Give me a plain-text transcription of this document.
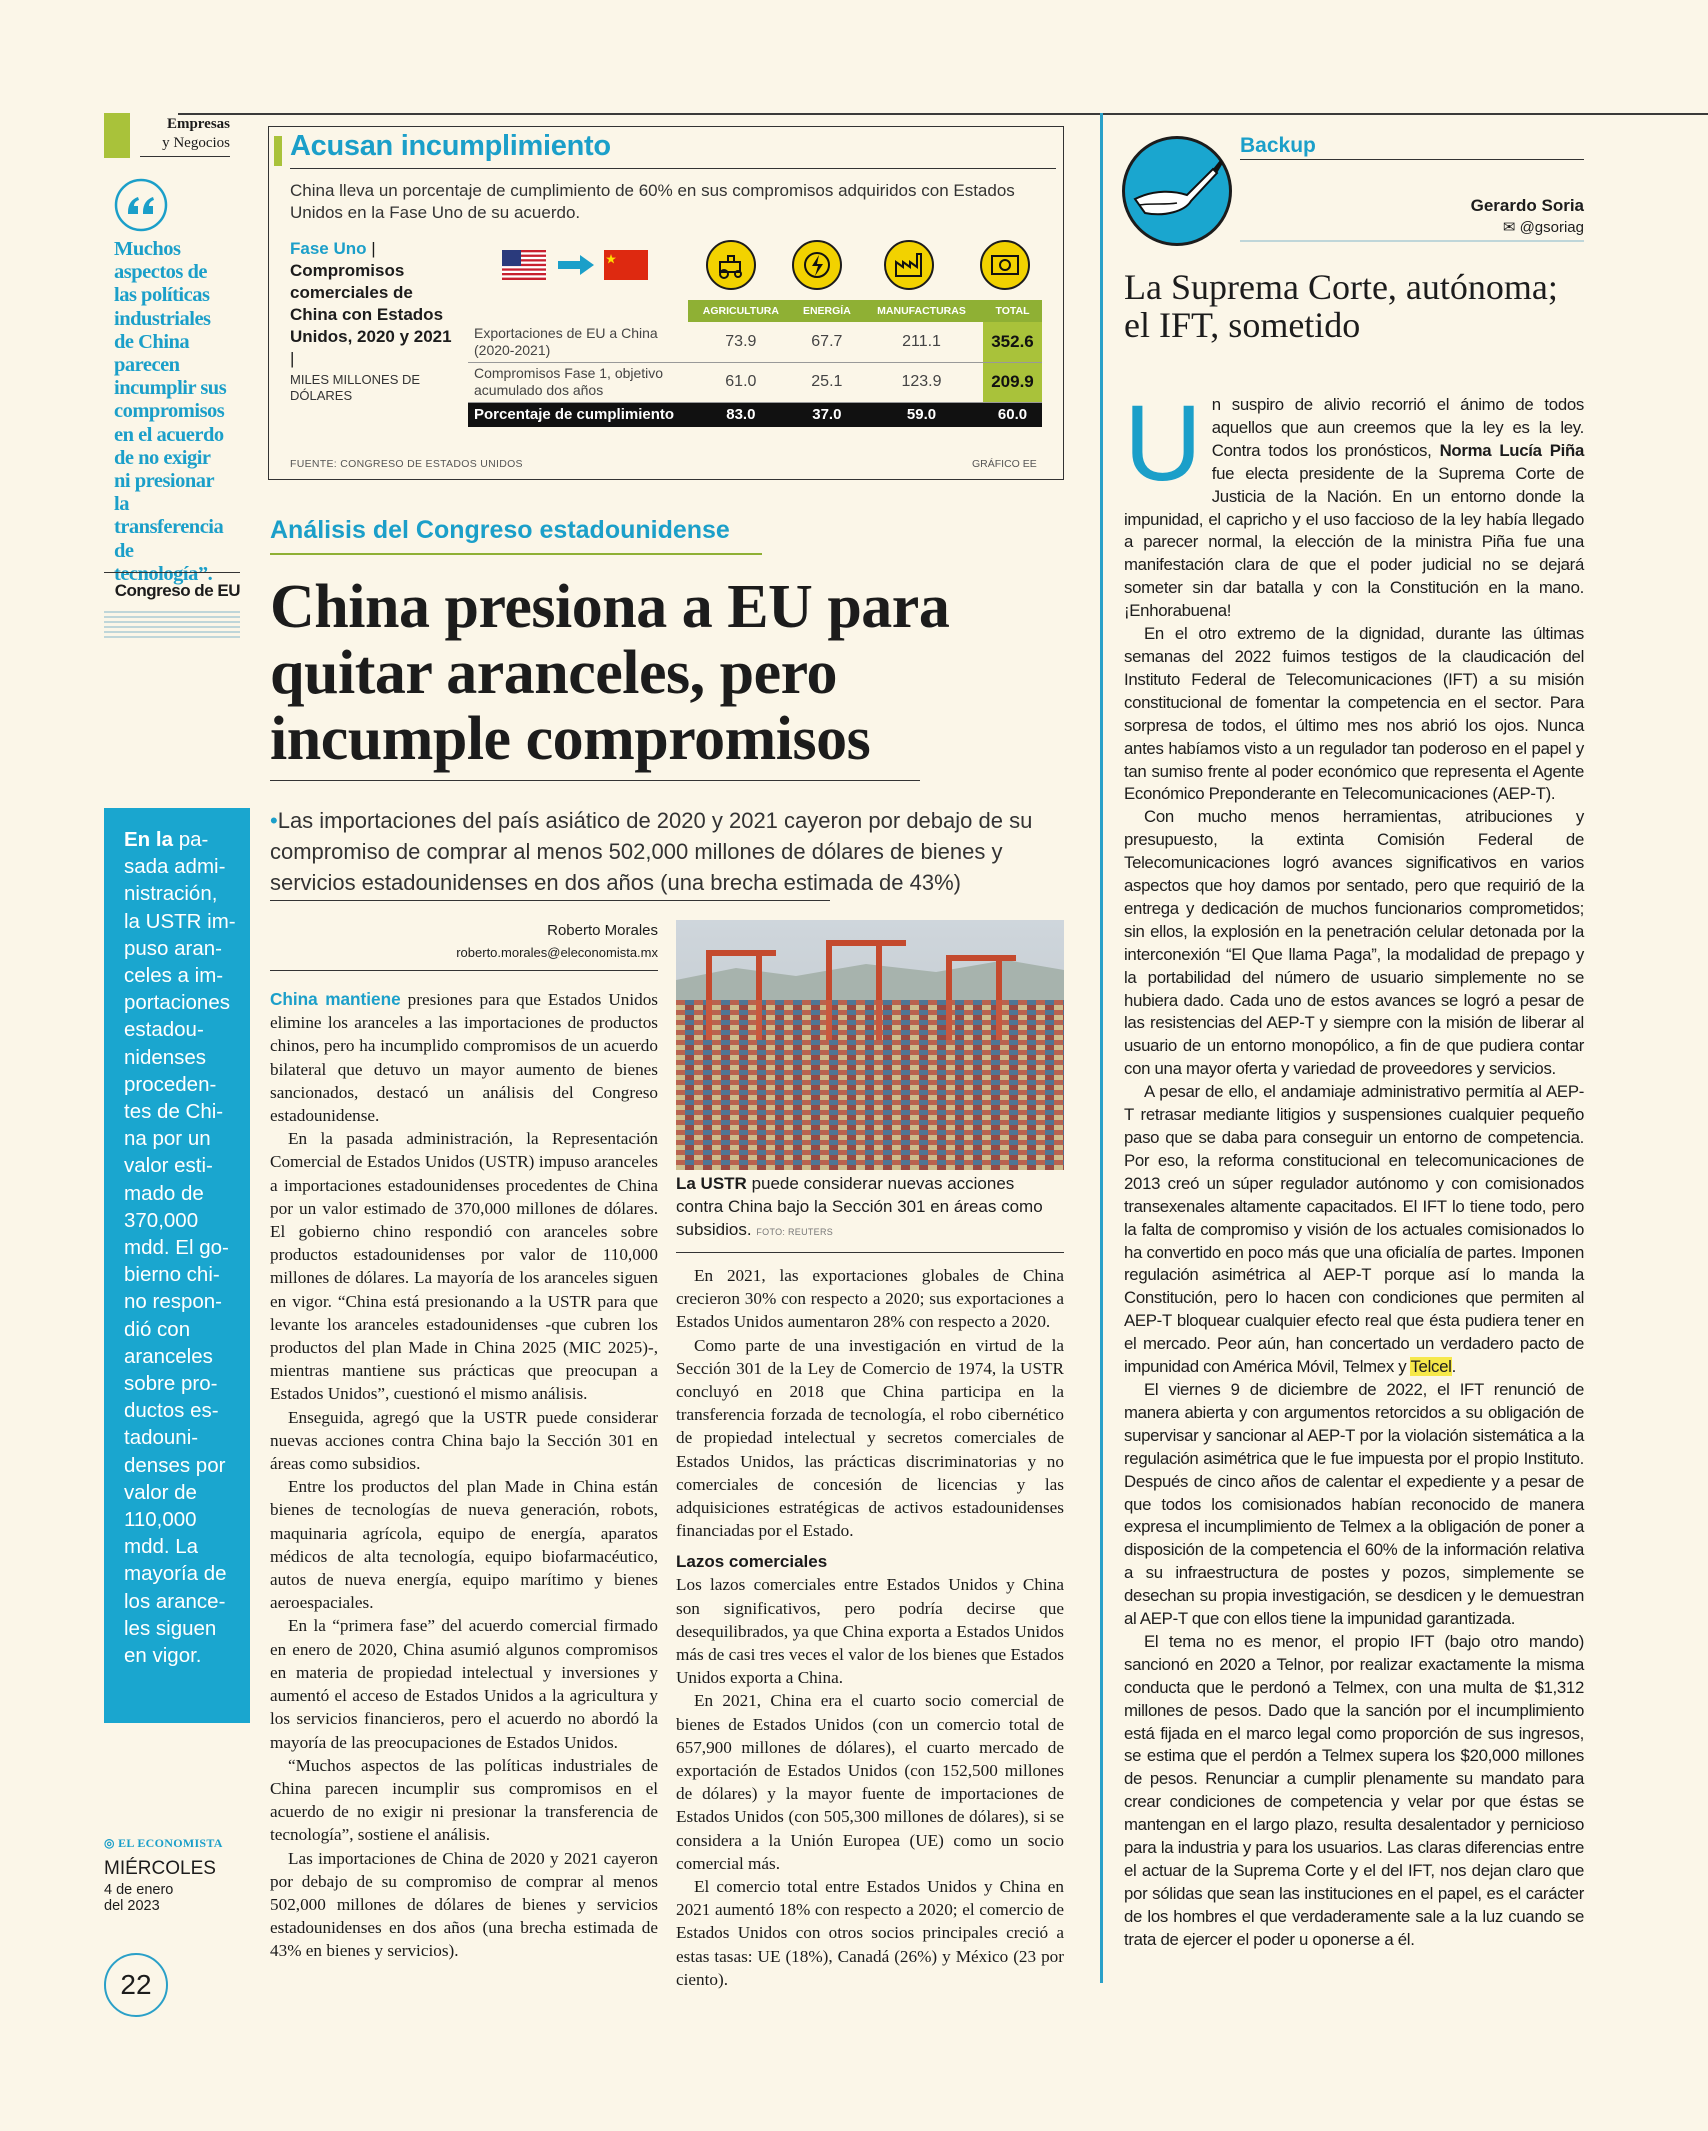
Empresas
y Negocios
Muchos aspectos de las políticas industriales de China parecen incumplir sus compromisos en el acuerdo de no exigir ni presionar la transferencia de tecnología”.
Congreso de EU
En la pa-
sada admi-
nistración,
la USTR im-
puso aran-
celes a im-
portaciones
estadou-
nidenses
proceden-
tes de Chi-
na por un
valor esti-
mado de
370,000
mdd. El go-
bierno chi-
no respon-
dió con
aranceles
sobre pro-
ductos es-
tadouni-
denses por
valor de
110,000
mdd. La
mayoría de
los arance-
les siguen
en vigor.
◎ EL ECONOMISTA
MIÉRCOLES
4 de enero
del 2023
22
Acusan incumplimiento
China lleva un porcentaje de cumplimiento de 60% en sus compromisos adquiridos con Estados Unidos en la Fase Uno de su acuerdo.
Fase Uno | Compromisos comerciales de China con Estados Unidos, 2020 y 2021 |
MILES MILLONES DE DÓLARES
	AGRICULTURA	ENERGÍA	MANUFACTURAS	TOTAL
Exportaciones de EU a China (2020-2021)	73.9	67.7	211.1	352.6
Compromisos Fase 1, objetivo acumulado dos años	61.0	25.1	123.9	209.9
Porcentaje de cumplimiento	83.0	37.0	59.0	60.0
FUENTE: CONGRESO DE ESTADOS UNIDOS	GRÁFICO EE
Análisis del Congreso estadounidense
China presiona a EU para quitar aranceles, pero incumple compromisos
•Las importaciones del país asiático de 2020 y 2021 cayeron por debajo de su compromiso de comprar al menos 502,000 millones de dólares de bienes y servicios estadounidenses en dos años (una brecha estimada de 43%)
Roberto Morales
roberto.morales@eleconomista.mx

China mantiene presiones para que Estados Unidos elimine los aranceles a las importaciones de productos chinos, pero ha incumplido compromisos de un acuerdo bilateral que detuvo un mayor aumento de bienes sancionados, destacó un análisis del Congreso estadounidense.

En la pasada administración, la Representación Comercial de Estados Unidos (USTR) impuso aranceles a importaciones estadounidenses procedentes de China por un valor estimado de 370,000 millones de dólares. El gobierno chino respondió con aranceles sobre productos estadounidenses por valor de 110,000 millones de dólares. La mayoría de los aranceles siguen en vigor. “China está presionando a la USTR para que levante los aranceles estadounidenses -que cubren los productos del plan Made in China 2025 (MIC 2025)-, mientras mantiene sus prácticas que preocupan a Estados Unidos”, cuestionó el mismo análisis.

Enseguida, agregó que la USTR puede considerar nuevas acciones contra China bajo la Sección 301 en áreas como subsidios.

Entre los productos del plan Made in China están bienes de tecnologías de nueva generación, robots, maquinaria agrícola, equipo de energía, aparatos médicos de alta tecnología, equipo biofarmacéutico, autos de nueva energía, equipo marítimo y bienes aeroespaciales.

En la “primera fase” del acuerdo comercial firmado en enero de 2020, China asumió algunos compromisos en materia de propiedad intelectual y inversiones y aumentó el acceso de Estados Unidos a la agricultura y los servicios financieros, pero el acuerdo no abordó la mayoría de las preocupaciones de Estados Unidos.

“Muchos aspectos de las políticas industriales de China parecen incumplir sus compromisos en el acuerdo de no exigir ni presionar la transferencia de tecnología”, sostiene el análisis.

Las importaciones de China de 2020 y 2021 cayeron por debajo de su compromiso de comprar al menos 502,000 millones de dólares de bienes y servicios estadounidenses en dos años (una brecha estimada de 43% en bienes y servicios).

La USTR puede considerar nuevas acciones contra China bajo la Sección 301 en áreas como subsidios. FOTO: REUTERS

En 2021, las exportaciones globales de China crecieron 30% con respecto a 2020; sus exportaciones a Estados Unidos aumentaron 28% con respecto a 2020.

Como parte de una investigación en virtud de la Sección 301 de la Ley de Comercio de 1974, la USTR concluyó en 2018 que China participa en la transferencia forzada de tecnología, el robo cibernético de propiedad intelectual y secretos comerciales de Estados Unidos, las prácticas discriminatorias y no comerciales de concesión de licencias y las adquisiciones estratégicas de activos estadounidenses financiadas por el Estado.

Lazos comerciales

Los lazos comerciales entre Estados Unidos y China son significativos, pero podría decirse que desequilibrados, ya que China exporta a Estados Unidos más de casi tres veces el valor de los bienes que Estados Unidos exporta a China.

En 2021, China era el cuarto socio comercial de bienes de Estados Unidos (con un comercio total de 657,900 millones de dólares), el cuarto mercado de exportación de Estados Unidos (con 152,500 millones de dólares) y la mayor fuente de importaciones de Estados Unidos (con 505,300 millones de dólares), si se considera a la Unión Europea (UE) como un socio comercial más.

El comercio total entre Estados Unidos y China en 2021 aumentó 18% con respecto a 2020; el comercio de Estados Unidos con otros socios principales creció a estas tasas: UE (18%), Canadá (26%) y México (23 por ciento).

Backup
Gerardo Soria
✉ @gsoriag
La Suprema Corte, autónoma; el IFT, sometido

Un suspiro de alivio recorrió el ánimo de todos aquellos que aun creemos que la ley es la ley. Contra todos los pronósticos, Norma Lucía Piña fue electa presidente de la Suprema Corte de Justicia de la Nación. En un entorno donde la impunidad, el capricho y el uso faccioso de la ley había llegado a parecer normal, la elección de la ministra Piña fue una manifestación clara de que el poder judicial no se dejará someter sin dar batalla y con la Constitución en la mano. ¡Enhorabuena!

En el otro extremo de la dignidad, durante las últimas semanas del 2022 fuimos testigos de la claudicación del Instituto Federal de Telecomunicaciones (IFT) a su misión constitucional de fomentar la competencia en el sector. Para sorpresa de todos, el último mes nos abrió los ojos. Nunca antes habíamos visto a un regulador tan poderoso en el papel y tan sumiso frente al poder económico que representa el Agente Económico Preponderante en Telecomunicaciones (AEP-T).

Con mucho menos herramientas, atribuciones y presupuesto, la extinta Comisión Federal de Telecomunicaciones logró avances significativos en varios aspectos que hoy damos por sentado, pero que requirió de la entrega y dedicación de muchos funcionarios comprometidos; sin ellos, la explosión en la penetración celular detonada por la interconexión “El Que llama Paga”, la modalidad de prepago y la portabilidad del número de usuario simplemente no se hubiera dado. Cada uno de estos avances se logró a pesar de las resistencias del AEP-T y siempre con la misión de liberar al usuario de un entorno monopólico, a fin de que pudiera contar con una mayor oferta y variedad de proveedores y servicios.

A pesar de ello, el andamiaje administrativo permitía al AEP-T retrasar mediante litigios y suspensiones cualquier pequeño paso que se daba para conseguir un entorno de competencia. Por eso, la reforma constitucional en telecomunicaciones de 2013 creó un súper regulador autónomo y con comisionados transexenales altamente capacitados. El IFT lo tiene todo, pero la falta de compromiso y visión de los actuales comisionados lo ha convertido en poco más que una oficialía de partes. Imponen regulación asimétrica al AEP-T porque así lo manda la Constitución, pero lo hacen con condiciones que permiten al AEP-T bloquear cualquier efecto real que ésta pudiera tener en el mercado. Peor aún, han concertado un verdadero pacto de impunidad con América Móvil, Telmex y Telcel.

El viernes 9 de diciembre de 2022, el IFT renunció de manera abierta y con argumentos retorcidos a su obligación de supervisar y sancionar al AEP-T por la violación sistemática a la regulación asimétrica que le fue impuesta por el propio Instituto. Después de cinco años de calentar el expediente y a pesar de que todos los comisionados habían reconocido de manera expresa el incumplimiento de Telmex a la obligación de poner a disposición de la competencia el 60% de la información relativa a su infraestructura de postes y pozos, simplemente se desechan su propia investigación, se desdicen y le demuestran al AEP-T que con ellos tiene la impunidad garantizada.

El tema no es menor, el propio IFT (bajo otro mando) sancionó en 2020 a Telnor, por realizar exactamente la misma conducta que le perdonó a Telmex, con una multa de $1,312 millones de pesos. Dado que la sanción por el incumplimiento está fijada en el marco legal como proporción de sus ingresos, se estima que el perdón a Telmex supera los $20,000 millones de pesos. Renunciar a cumplir plenamente su mandato para crear condiciones de competencia y velar por que éstas se mantengan en el largo plazo, resulta desalentador y pernicioso para la industria y para los usuarios. Las claras diferencias entre el actuar de la Suprema Corte y el del IFT, nos dejan claro que por sólidas que sean las instituciones en el papel, es el carácter de los hombres el que verdaderamente sale a la luz cuando se trata de ejercer el poder u oponerse a él.
